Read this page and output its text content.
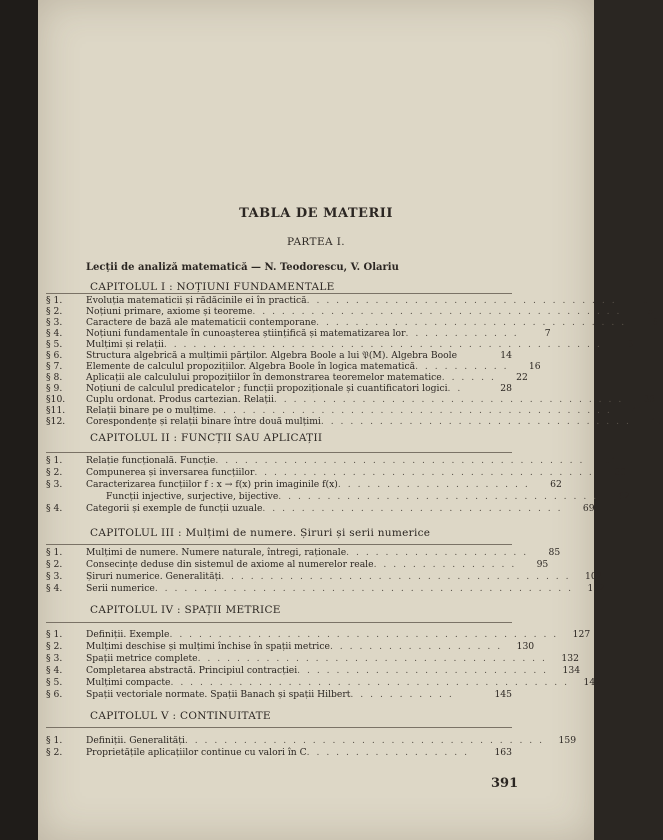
TABLA DE MATERII
PARTEA I.
Lecții de analiză matematică — N. Teodorescu, V. Olariu
CAPITOLUL I : NOȚIUNI FUNDAMENTALE
§ 1.	Evoluția matematicii și rădăcinile ei în practică . . . . . . . . . . . . . . . . . . . . . . . . . . . . . . . .	5
§ 2.	Noțiuni primare, axiome și teoreme . . . . . . . . . . . . . . . . . . . . . . . . . . . . . . . . . . . . . .	5
§ 3.	Caractere de bază ale matematicii contemporane . . . . . . . . . . . . . . . . . . . . . . . . . . . . . . . .	6
§ 4.	Noțiuni fundamentale în cunoașterea științifică și matematizarea lor . . . . . . . . . . . .	7
§ 5.	Mulțimi și relații . . . . . . . . . . . . . . . . . . . . . . . . . . . . . . . . . . . . . . . . . . . . .	9
§ 6.	Structura algebrică a mulțimii părților. Algebra Boole a lui 𝔓(M). Algebra Boole	14
§ 7.	Elemente de calculul propozițiilor. Algebra Boole în logica matematică . . . . . . . . . .	16
§ 8.	Aplicații ale calculului propozițiilor în demonstrarea teoremelor matematice . . . . . .	22
§ 9.	Noțiuni de calculul predicatelor ; funcții propoziționale și cuantificatori logici . .	28
§10.	Cuplu ordonat. Produs cartezian. Relații . . . . . . . . . . . . . . . . . . . . . . . . . . . . . . . . . . . .	33
§11.	Relații binare pe o mulțime . . . . . . . . . . . . . . . . . . . . . . . . . . . . . . . . . . . . . . . . .	41
§12.	Corespondențe și relații binare între două mulțimi . . . . . . . . . . . . . . . . . . . . . . . . . . . . . . . .	47
CAPITOLUL II : FUNCȚII SAU APLICAȚII
§ 1.	Relație funcțională. Funcție . . . . . . . . . . . . . . . . . . . . . . . . . . . . . . . . . . . . . .	54
§ 2.	Compunerea și inversarea funcțiilor . . . . . . . . . . . . . . . . . . . . . . . . . . . . . . . . . . .	60
§ 3.	Caracterizarea funcțiilor f : x → f(x) prin imaginile f(x) . . . . . . . . . . . . . . . . . . . .	62
Funcții injective, surjective, bijective . . . . . . . . . . . . . . . . . . . . . . . . . . . . . . . . .	62
§ 4.	Categorii și exemple de funcții uzuale . . . . . . . . . . . . . . . . . . . . . . . . . . . . . . .	69
CAPITOLUL III : Mulțimi de numere. Șiruri și serii numerice
§ 1.	Mulțimi de numere. Numere naturale, întregi, raționale . . . . . . . . . . . . . . . . . . .	85
§ 2.	Consecințe deduse din sistemul de axiome al numerelor reale . . . . . . . . . . . . . . .	95
§ 3.	Șiruri numerice. Generalități . . . . . . . . . . . . . . . . . . . . . . . . . . . . . . . . . . . .	102
§ 4.	Serii numerice . . . . . . . . . . . . . . . . . . . . . . . . . . . . . . . . . . . . . . . . . . .	112
CAPITOLUL IV : SPAȚII METRICE
§ 1.	Definiții. Exemple . . . . . . . . . . . . . . . . . . . . . . . . . . . . . . . . . . . . . . . .	127
§ 2.	Mulțimi deschise și mulțimi închise în spații metrice . . . . . . . . . . . . . . . . . .	130
§ 3.	Spații metrice complete . . . . . . . . . . . . . . . . . . . . . . . . . . . . . . . . . . . .	132
§ 4.	Completarea abstractă. Principiul contracției . . . . . . . . . . . . . . . . . . . . . . . . . .	134
§ 5.	Mulțimi compacte . . . . . . . . . . . . . . . . . . . . . . . . . . . . . . . . . . . . . . . . .	142
§ 6.	Spații vectoriale normate. Spații Banach și spații Hilbert . . . . . . . . . . .	145
CAPITOLUL V : CONTINUITATE
§ 1.	Definiții. Generalități . . . . . . . . . . . . . . . . . . . . . . . . . . . . . . . . . . . . .	159
§ 2.	Proprietățile aplicațiilor continue cu valori în C . . . . . . . . . . . . . . . . .	163
391
